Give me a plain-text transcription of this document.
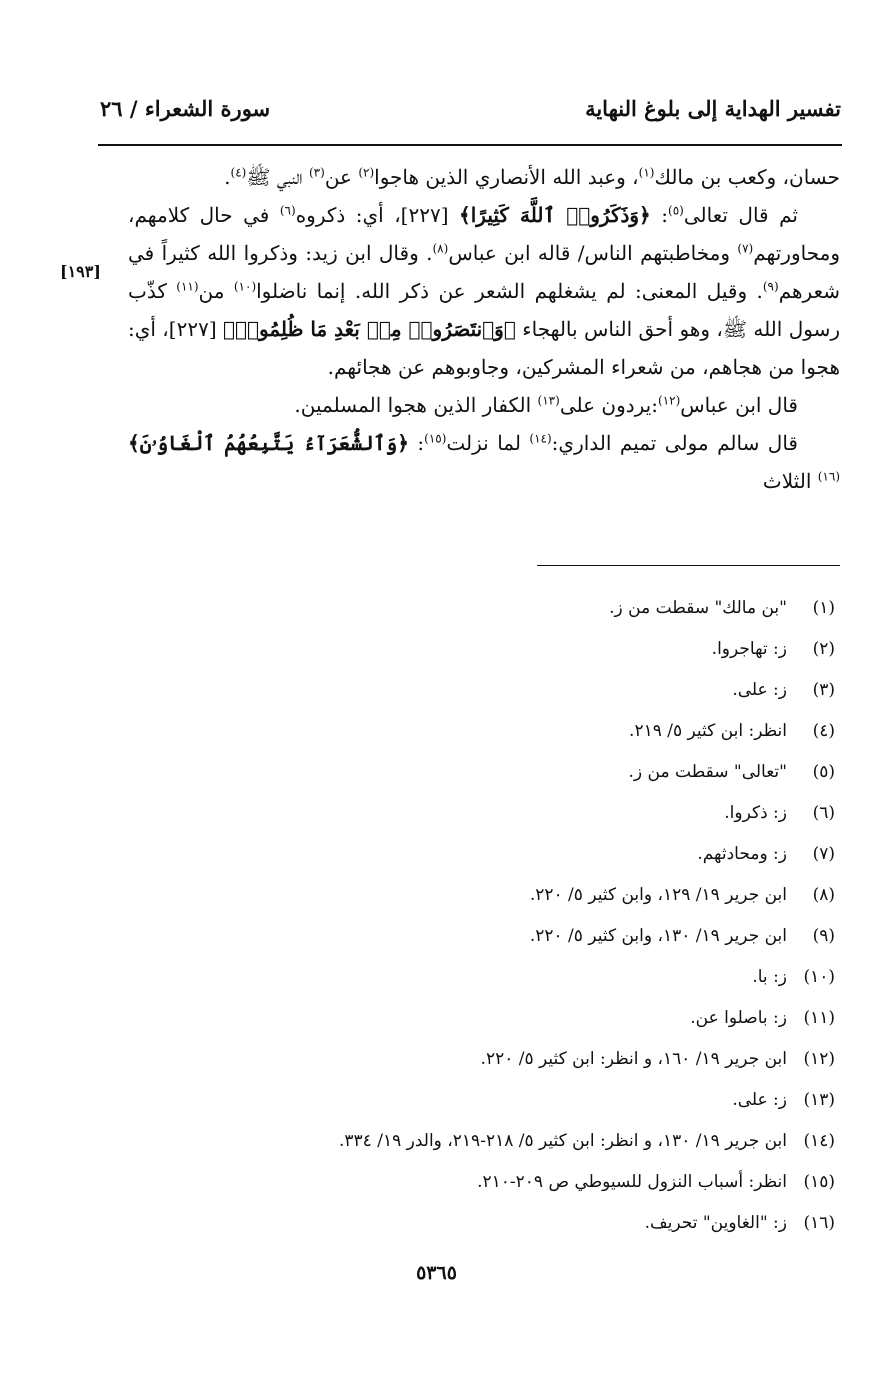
تفسير الهداية إلى بلوغ النهاية
سورة الشعراء / ٢٦
[١٩٣]

حسان، وكعب بن مالك$^{(١)}$، وعبد الله الأنصاري الذين هاجوا$^{(٢)}$ عن$^{(٣)}$ النبي ﷺ$^{(٤)}$.

ثم قال تعالى$^{(٥)}$: ﴿وَذَكَرُوا۟ ٱللَّهَ كَثِيرًا﴾ [٢٢٧]، أي: ذكروه$^{(٦)}$ في حال كلامهم، ومحاورتهم$^{(٧)}$ ومخاطبتهم الناس/ قاله ابن عباس$^{(٨)}$. وقال ابن زيد: وذكروا الله كثيراً في شعرهم$^{(٩)}$. وقيل المعنى: لم يشغلهم الشعر عن ذكر الله. إنما ناضلوا$^{(١٠)}$ من$^{(١١)}$ كذّب رسول الله ﷺ، وهو أحق الناس بالهجاء ﴿وَٱنتَصَرُوا۟ مِنۢ بَعْدِ مَا ظُلِمُوا۟﴾ [٢٢٧]، أي: هجوا من هجاهم، من شعراء المشركين، وجاوبوهم عن هجائهم.

قال ابن عباس$^{(١٢)}$:يردون على$^{(١٣)}$ الكفار الذين هجوا المسلمين.

قال سالم مولى تميم الداري:$^{(١٤)}$ لما نزلت$^{(١٥)}$: ﴿وَٱلشُّعَرَآءُ يَتَّبِعُهُمُ ٱلْغَاوُۥنَ﴾ $^{(١٦)}$ الثلاث

(١)"بن مالك" سقطت من ز.
(٢)ز: تهاجروا.
(٣)ز: على.
(٤)انظر: ابن كثير ٥/ ٢١٩.
(٥)"تعالى" سقطت من ز.
(٦)ز: ذكروا.
(٧)ز: ومحادثهم.
(٨)ابن جرير ١٩/ ١٢٩، وابن كثير ٥/ ٢٢٠.
(٩)ابن جرير ١٩/ ١٣٠، وابن كثير ٥/ ٢٢٠.
(١٠)ز: با.
(١١)ز: باصلوا عن.
(١٢)ابن جرير ١٩/ ١٦٠، و انظر: ابن كثير ٥/ ٢٢٠.
(١٣)ز: على.
(١٤)ابن جرير ١٩/ ١٣٠، و انظر: ابن كثير ٥/ ٢١٨-٢١٩، والدر ١٩/ ٣٣٤.
(١٥)انظر: أسباب النزول للسيوطي ص ٢٠٩-٢١٠.
(١٦)ز: "الغاوين" تحريف.
٥٣٦٥
